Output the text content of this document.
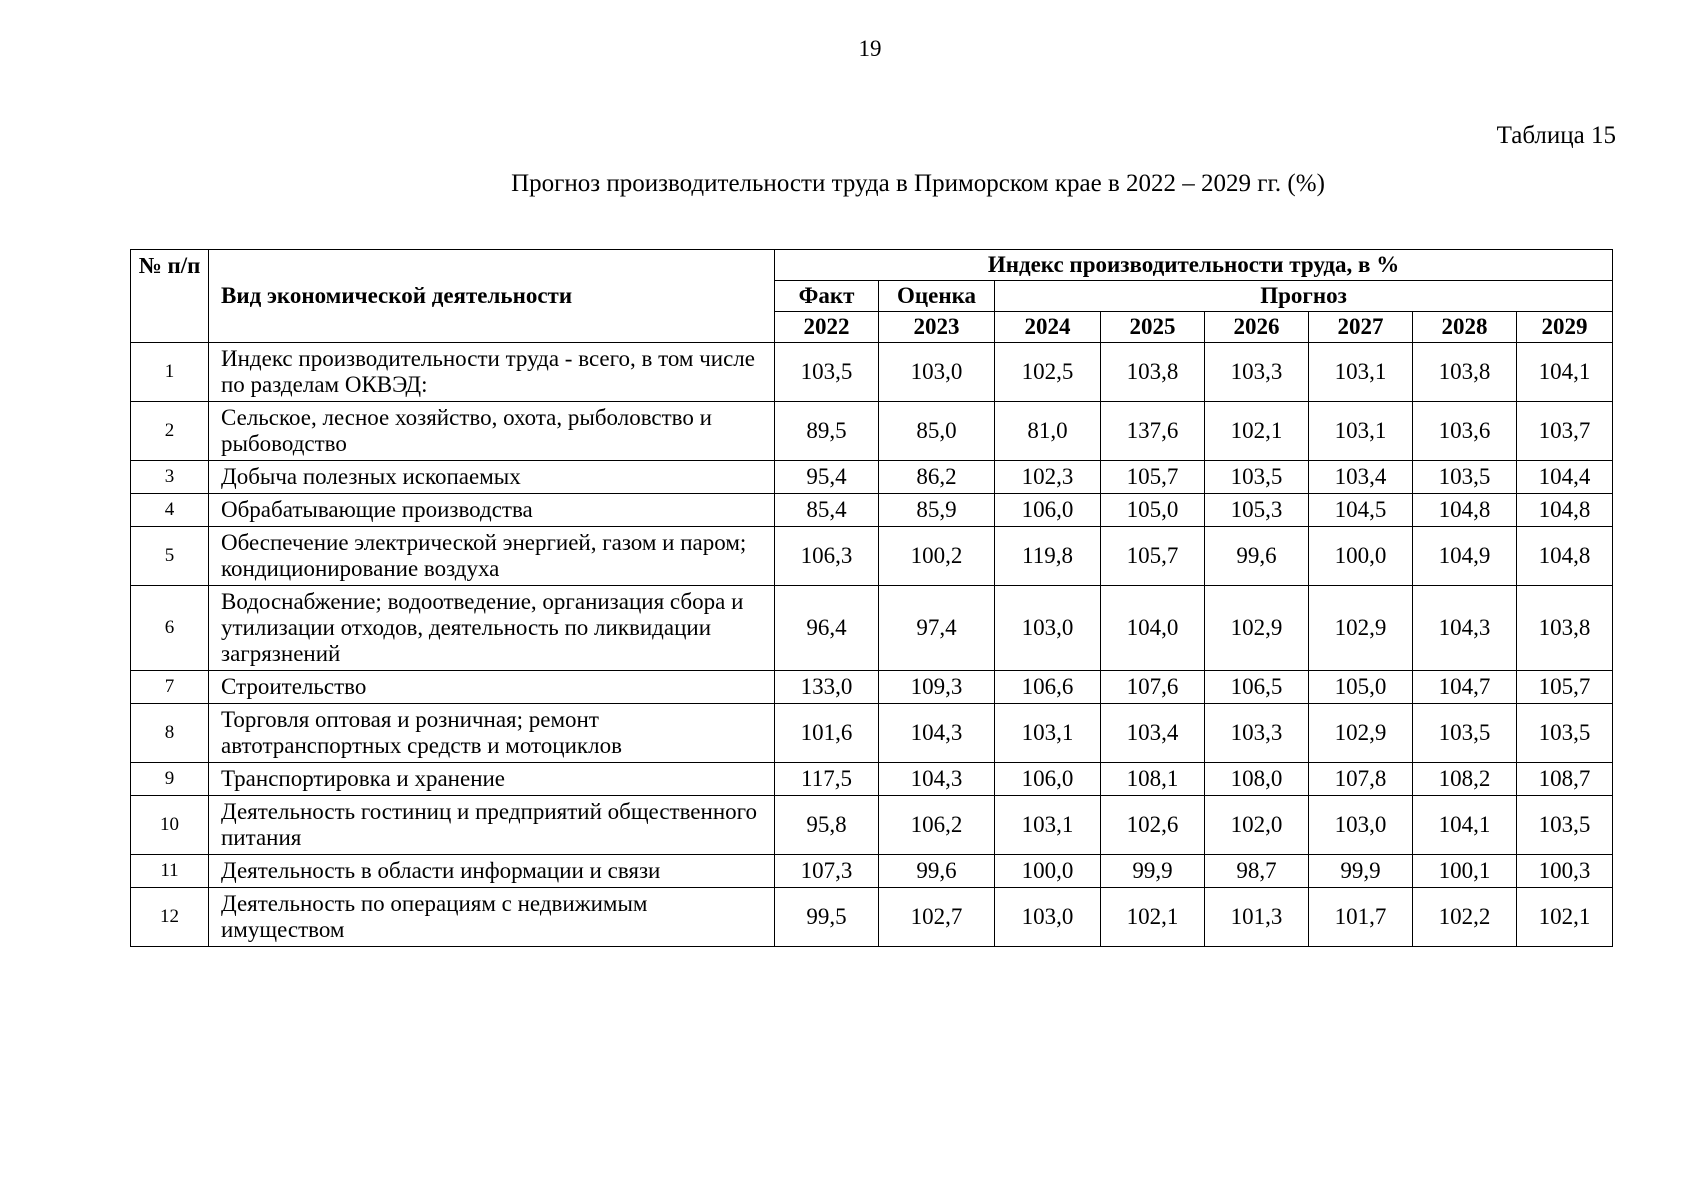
19
Таблица 15
Прогноз производительности труда в Приморском крае в 2022 – 2029 гг. (%)
№ п/п	Вид экономической деятельности	Индекс производительности труда, в %							
		Факт	Оценка	Прогноз					
		2022	2023	2024	2025	2026	2027	2028	2029
1	Индекс производительности труда - всего, в том числе по разделам ОКВЭД:	103,5	103,0	102,5	103,8	103,3	103,1	103,8	104,1
2	Сельское, лесное хозяйство, охота, рыболовство и рыбоводство	89,5	85,0	81,0	137,6	102,1	103,1	103,6	103,7
3	Добыча полезных ископаемых	95,4	86,2	102,3	105,7	103,5	103,4	103,5	104,4
4	Обрабатывающие производства	85,4	85,9	106,0	105,0	105,3	104,5	104,8	104,8
5	Обеспечение электрической энергией, газом и паром; кондиционирование воздуха	106,3	100,2	119,8	105,7	99,6	100,0	104,9	104,8
6	Водоснабжение; водоотведение, организация сбора и утилизации отходов, деятельность по ликвидации загрязнений	96,4	97,4	103,0	104,0	102,9	102,9	104,3	103,8
7	Строительство	133,0	109,3	106,6	107,6	106,5	105,0	104,7	105,7
8	Торговля оптовая и розничная; ремонт автотранспортных средств и мотоциклов	101,6	104,3	103,1	103,4	103,3	102,9	103,5	103,5
9	Транспортировка и хранение	117,5	104,3	106,0	108,1	108,0	107,8	108,2	108,7
10	Деятельность гостиниц и предприятий общественного питания	95,8	106,2	103,1	102,6	102,0	103,0	104,1	103,5
11	Деятельность в области информации и связи	107,3	99,6	100,0	99,9	98,7	99,9	100,1	100,3
12	Деятельность по операциям с недвижимым имуществом	99,5	102,7	103,0	102,1	101,3	101,7	102,2	102,1
